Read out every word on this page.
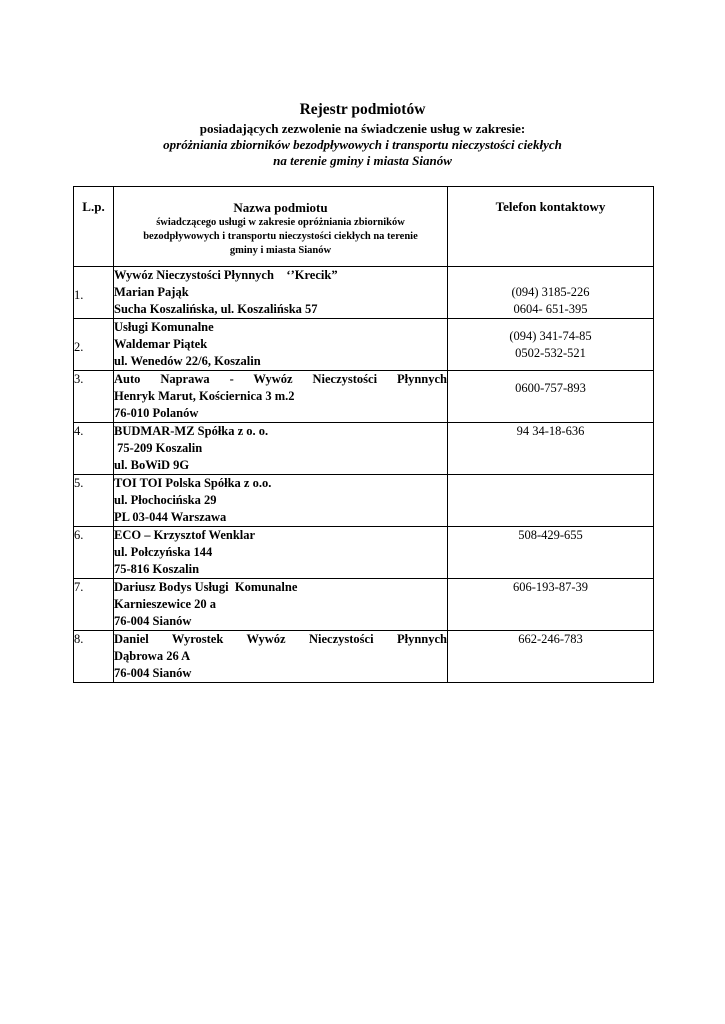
Rejestr podmiotów
posiadających zezwolenie na świadczenie usług w zakresie:
opróżniania zbiorników bezodpływowych i transportu nieczystości ciekłych
na terenie gminy i miasta Sianów
L.p.	Nazwa podmiotu
świadczącego usługi w zakresie opróżniania zbiorników bezodpływowych i transportu nieczystości ciekłych na terenie gminy i miasta Sianów	Telefon kontaktowy
1.	Wywóz Nieczystości Płynnych    ‘’Krecik”
Marian Pająk
Sucha Koszalińska, ul. Koszalińska 57	(094) 3185-226
0604- 651-395

2.	Usługi Komunalne
Waldemar Piątek
ul. Wenedów 22/6, Koszalin	(094) 341-74-85
0502-532-521

3.	Auto Naprawa - Wywóz Nieczystości Płynnych
Henryk Marut, Kościernica 3 m.2
76-010 Polanów	0600-757-893

4.	BUDMAR-MZ Spółka z o. o.
75-209 Koszalin
ul. BoWiD 9G	94 34-18-636

5.	TOI TOI Polska Spółka z o.o.
ul. Płochocińska 29
PL 03-044 Warszawa	

6.	ECO – Krzysztof Wenklar
ul. Połczyńska 144
75-816 Koszalin	508-429-655

7.	Dariusz Bodys Usługi  Komunalne
Karnieszewice 20 a
76-004 Sianów	606-193-87-39

8.	Daniel Wyrostek Wywóz Nieczystości Płynnych
Dąbrowa 26 A
76-004 Sianów	662-246-783
